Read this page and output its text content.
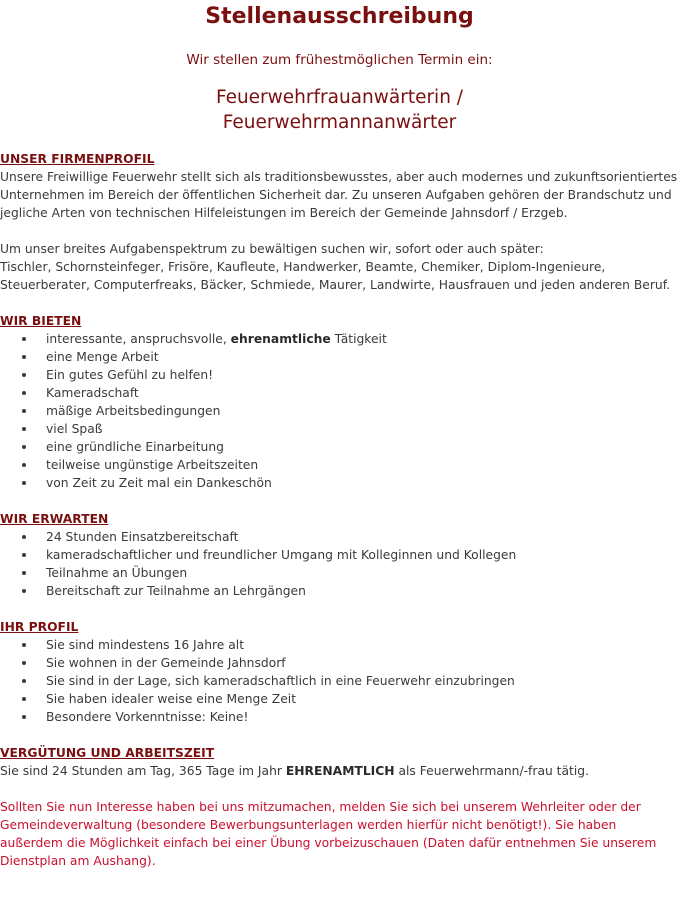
Stellenausschreibung

Wir stellen zum frühestmöglichen Termin ein:

Feuerwehrfrauanwärterin /
Feuerwehrmannanwärter
UNSER FIRMENPROFIL

Unsere Freiwillige Feuerwehr stellt sich als traditionsbewusstes, aber auch modernes und zukunftsorientiertes Unternehmen im Bereich der öffentlichen Sicherheit dar. Zu unseren Aufgaben gehören der Brandschutz und jegliche Arten von technischen Hilfeleistungen im Bereich der Gemeinde Jahnsdorf / Erzgeb.

Um unser breites Aufgabenspektrum zu bewältigen suchen wir, sofort oder auch später:

Tischler, Schornsteinfeger, Frisöre, Kaufleute, Handwerker, Beamte, Chemiker, Diplom-Ingenieure, Steuerberater, Computerfreaks, Bäcker, Schmiede, Maurer, Landwirte, Hausfrauen und jeden anderen Beruf.

WIR BIETEN
interessante, anspruchsvolle, ehrenamtliche Tätigkeit
eine Menge Arbeit
Ein gutes Gefühl zu helfen!
Kameradschaft
mäßige Arbeitsbedingungen
viel Spaß
eine gründliche Einarbeitung
teilweise ungünstige Arbeitszeiten
von Zeit zu Zeit mal ein Dankeschön
WIR ERWARTEN
24 Stunden Einsatzbereitschaft
kameradschaftlicher und freundlicher Umgang mit Kolleginnen und Kollegen
Teilnahme an Übungen
Bereitschaft zur Teilnahme an Lehrgängen
IHR PROFIL
Sie sind mindestens 16 Jahre alt
Sie wohnen in der Gemeinde Jahnsdorf
Sie sind in der Lage, sich kameradschaftlich in eine Feuerwehr einzubringen
Sie haben idealer weise eine Menge Zeit
Besondere Vorkenntnisse: Keine!
VERGÜTUNG UND ARBEITSZEIT

Sie sind 24 Stunden am Tag, 365 Tage im Jahr EHRENAMTLICH als Feuerwehrmann/-frau tätig.

Sollten Sie nun Interesse haben bei uns mitzumachen, melden Sie sich bei unserem Wehrleiter oder der Gemeindeverwaltung (besondere Bewerbungsunterlagen werden hierfür nicht benötigt!). Sie haben außerdem die Möglichkeit einfach bei einer Übung vorbeizuschauen (Daten dafür entnehmen Sie unserem Dienstplan am Aushang).
